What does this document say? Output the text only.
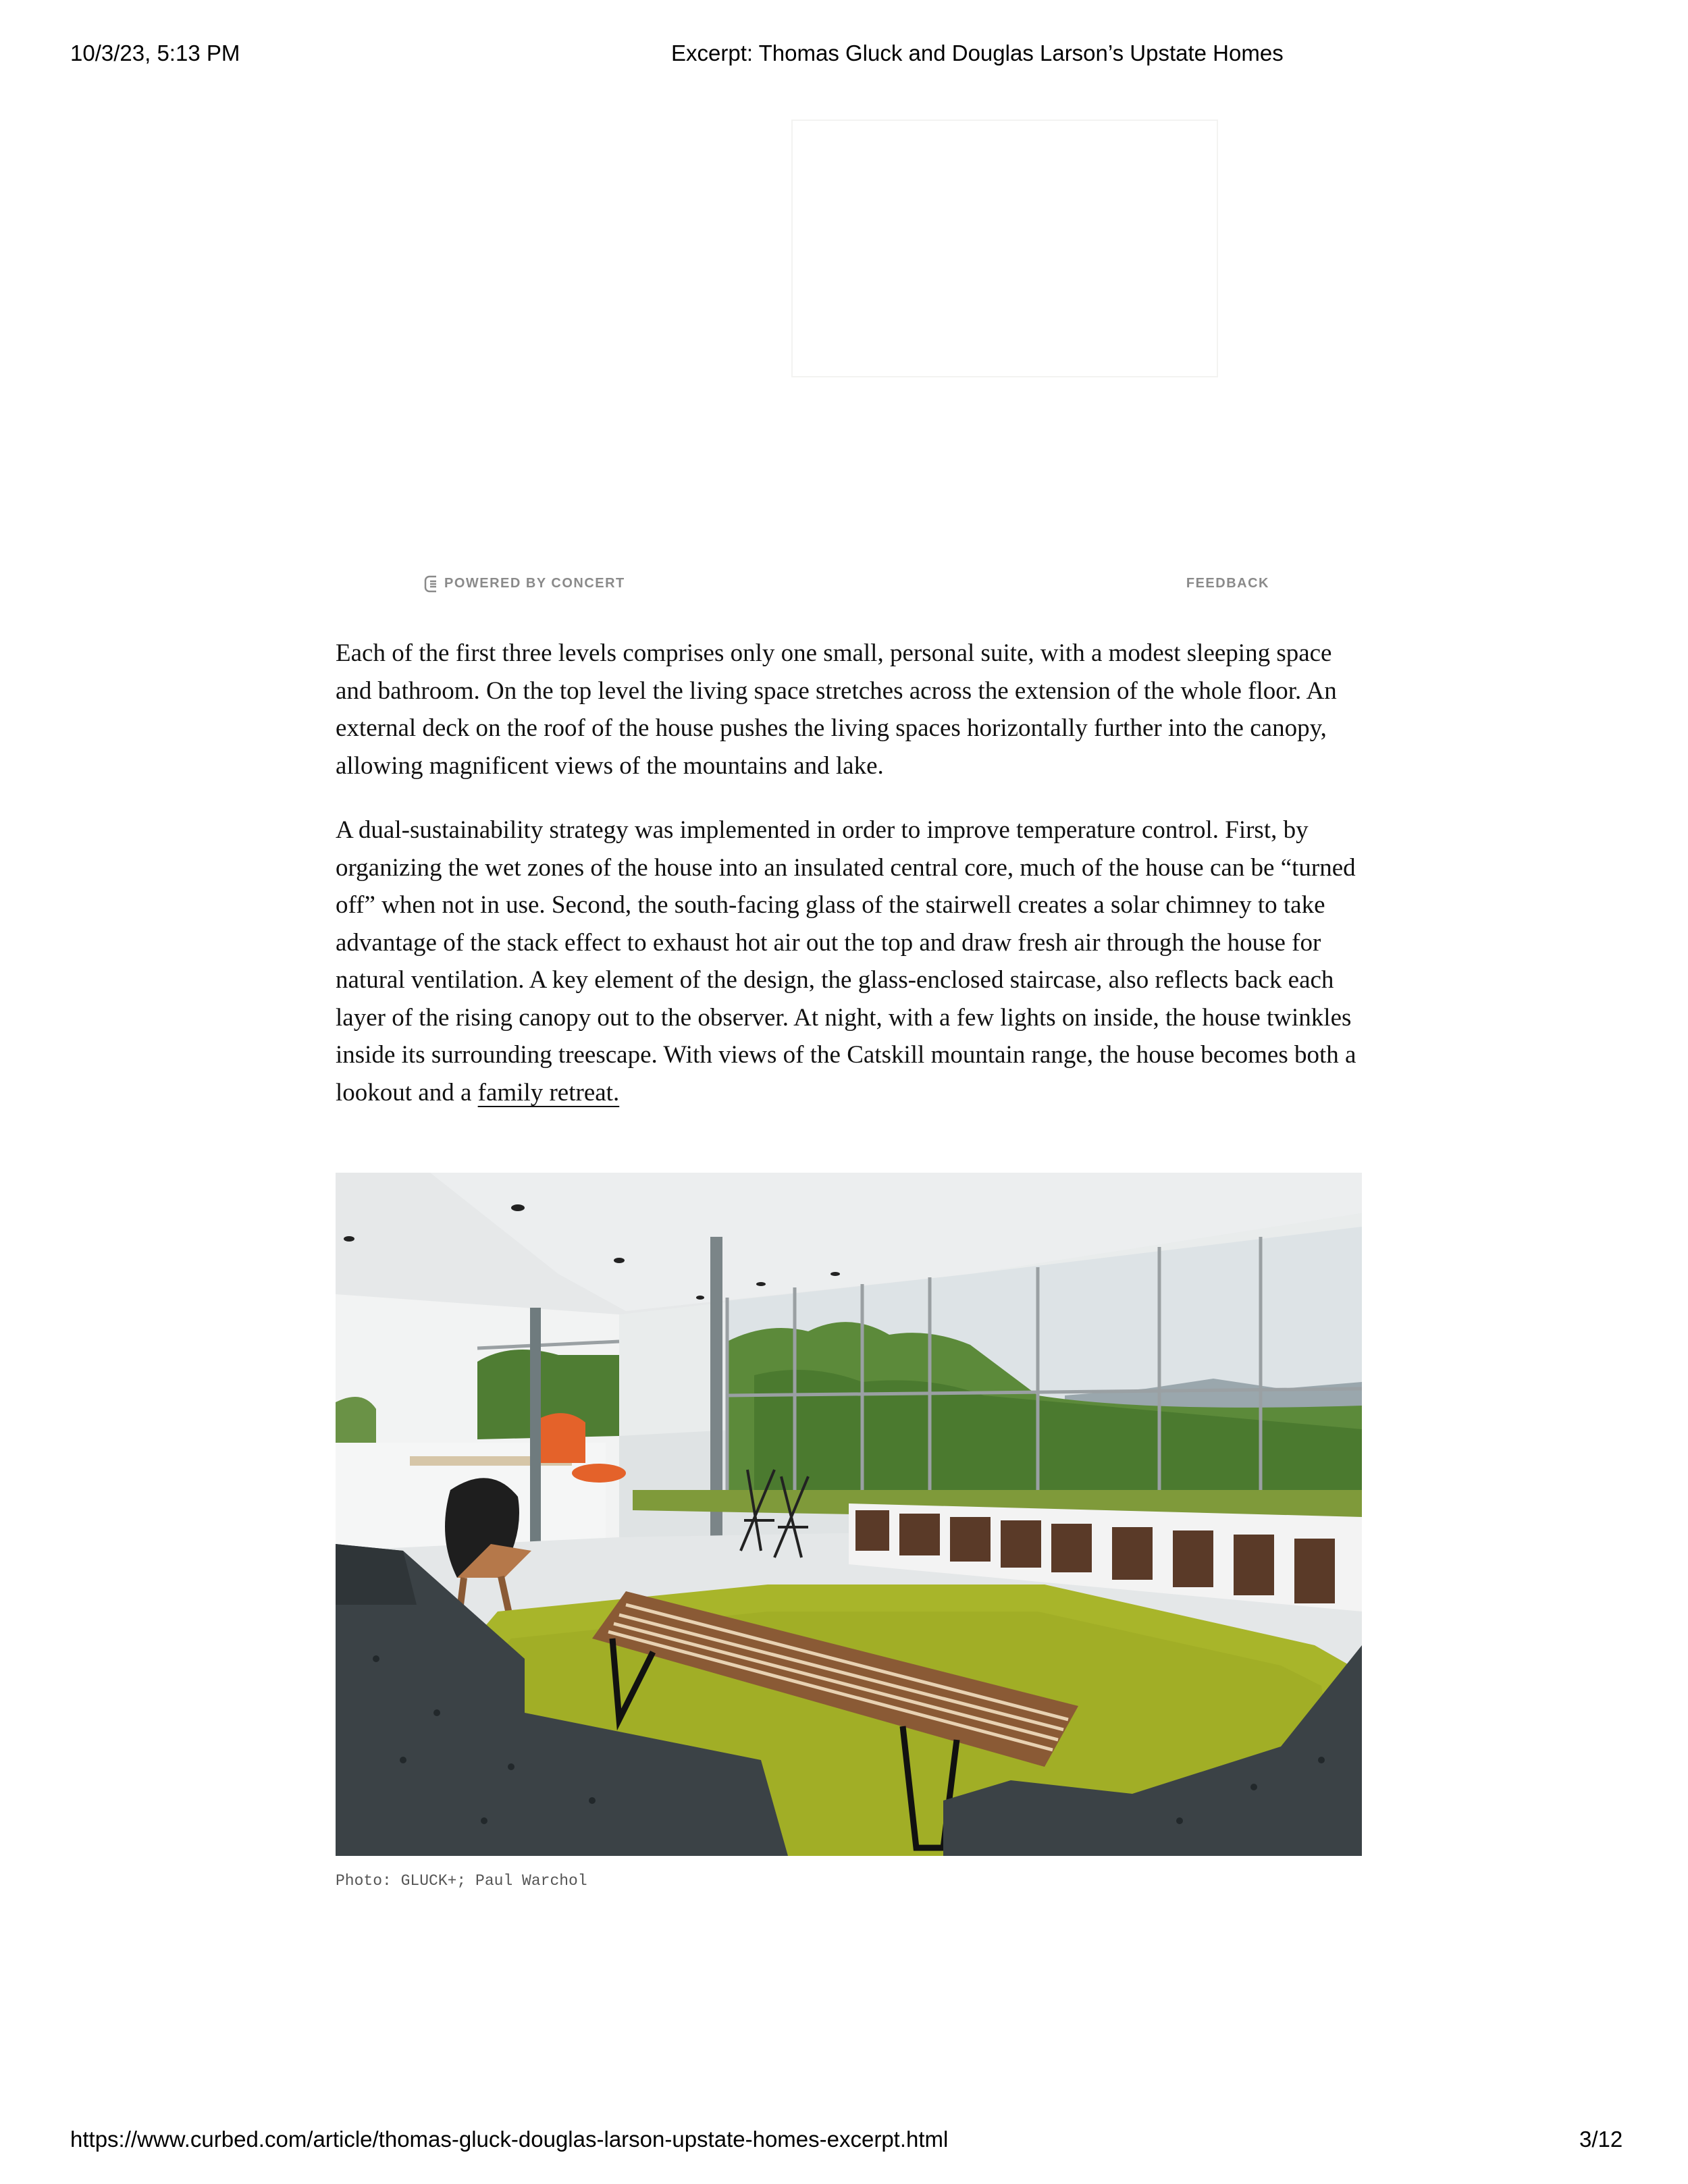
10/3/23, 5:13 PM	Excerpt: Thomas Gluck and Douglas Larson’s Upstate Homes
POWERED BY CONCERT	FEEDBACK

Each of the first three levels comprises only one small, personal suite, with a modest sleeping space and bathroom. On the top level the living space stretches across the extension of the whole floor. An external deck on the roof of the house pushes the living spaces horizontally further into the canopy, allowing magnificent views of the mountains and lake.

A dual-sustainability strategy was implemented in order to improve temperature control. First, by organizing the wet zones of the house into an insulated central core, much of the house can be “turned off” when not in use. Second, the south-facing glass of the stairwell creates a solar chimney to take advantage of the stack effect to exhaust hot air out the top and draw fresh air through the house for natural ventilation. A key element of the design, the glass-enclosed staircase, also reflects back each layer of the rising canopy out to the observer. At night, with a few lights on inside, the house twinkles inside its surrounding treescape. With views of the Catskill mountain range, the house becomes both a lookout and a family retreat.

Photo: GLUCK+; Paul Warchol
https://www.curbed.com/article/thomas-gluck-douglas-larson-upstate-homes-excerpt.html	3/12
